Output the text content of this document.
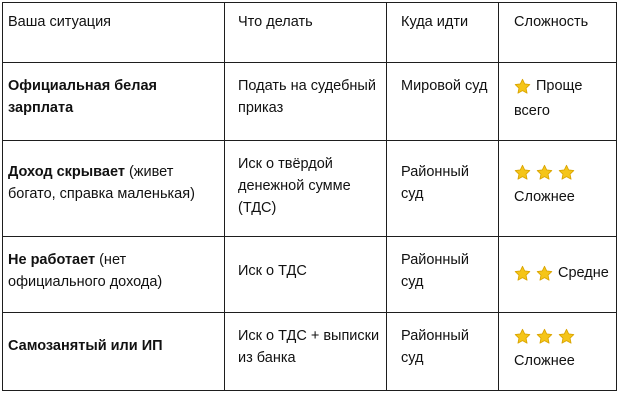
Ваша ситуация	Что делать	Куда идти	Сложность
Официальная белая зарплата	Подать на судебный приказ	Мировой суд	Проще всего
Доход скрывает (живет богато, справка маленькая)	Иск о твёрдой денежной сумме (ТДС)	Районный суд	Сложнее

Не работает (нет официального дохода)	Иск о ТДС	Районный суд	Средне
Самозанятый или ИП	Иск о ТДС + выписки из банка	Районный суд	Сложнее
